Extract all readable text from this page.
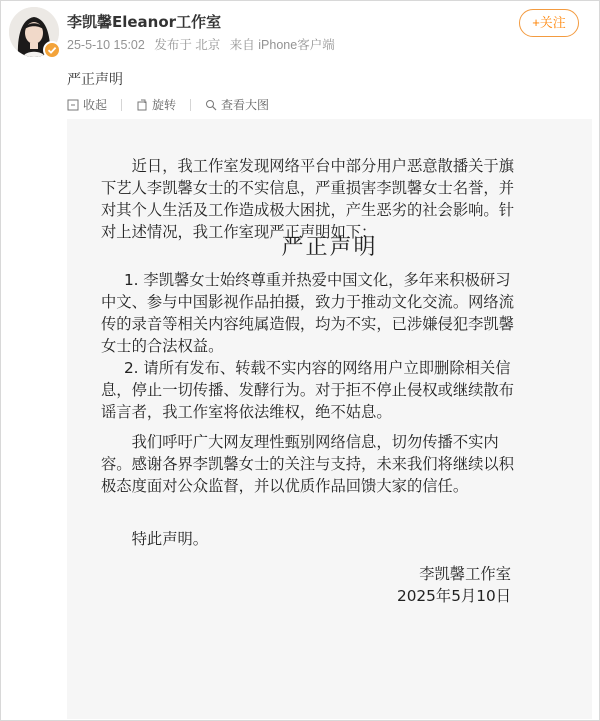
李凯馨Eleanor工作室
25-5-10 15:02 发布于 北京 来自 iPhone客户端
+关注
严正声明
收起	旋转	查看大图
严正声明
近日，我工作室发现网络平台中部分用户恶意散播关于旗下艺人李凯馨女士的不实信息，严重损害李凯馨女士名誉，并对其个人生活及工作造成极大困扰，产生恶劣的社会影响。针对上述情况，我工作室现严正声明如下：
1. 李凯馨女士始终尊重并热爱中国文化，多年来积极研习中文、参与中国影视作品拍摄，致力于推动文化交流。网络流传的录音等相关内容纯属造假，均为不实，已涉嫌侵犯李凯馨女士的合法权益。
2. 请所有发布、转载不实内容的网络用户立即删除相关信息，停止一切传播、发酵行为。对于拒不停止侵权或继续散布谣言者，我工作室将依法维权，绝不姑息。
我们呼吁广大网友理性甄别网络信息，切勿传播不实内容。感谢各界李凯馨女士的关注与支持，未来我们将继续以积极态度面对公众监督，并以优质作品回馈大家的信任。
特此声明。
李凯馨工作室
2025年5月10日
